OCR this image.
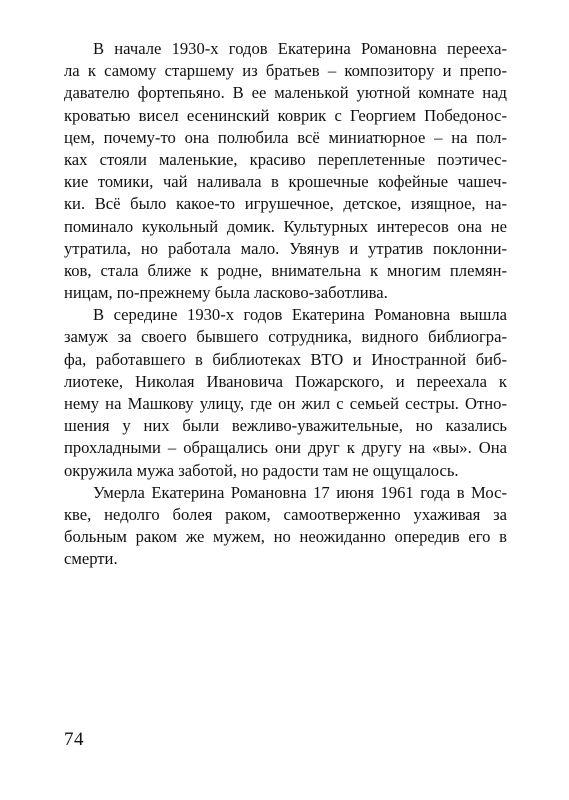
В начале 1930-х годов Екатерина Романовна перееха-
ла к самому старшему из братьев – композитору и препо-
давателю фортепьяно. В ее маленькой уютной комнате над
кроватью висел есенинский коврик с Георгием Победонос-
цем, почему-то она полюбила всё миниатюрное – на пол-
ках стояли маленькие, красиво переплетенные поэтичес-
кие томики, чай наливала в крошечные кофейные чашеч-
ки. Всё было какое-то игрушечное, детское, изящное, на-
поминало кукольный домик. Культурных интересов она не
утратила, но работала мало. Увянув и утратив поклонни-
ков, стала ближе к родне, внимательна к многим племян-
ницам, по-прежнему была ласково-заботлива.
В середине 1930-х годов Екатерина Романовна вышла
замуж за своего бывшего сотрудника, видного библиогра-
фа, работавшего в библиотеках ВТО и Иностранной биб-
лиотеке, Николая Ивановича Пожарского, и переехала к
нему на Машкову улицу, где он жил с семьей сестры. Отно-
шения у них были вежливо-уважительные, но казались
прохладными – обращались они друг к другу на «вы». Она
окружила мужа заботой, но радости там не ощущалось.
Умерла Екатерина Романовна 17 июня 1961 года в Мос-
кве, недолго болея раком, самоотверженно ухаживая за
больным раком же мужем, но неожиданно опередив его в
смерти.
74
